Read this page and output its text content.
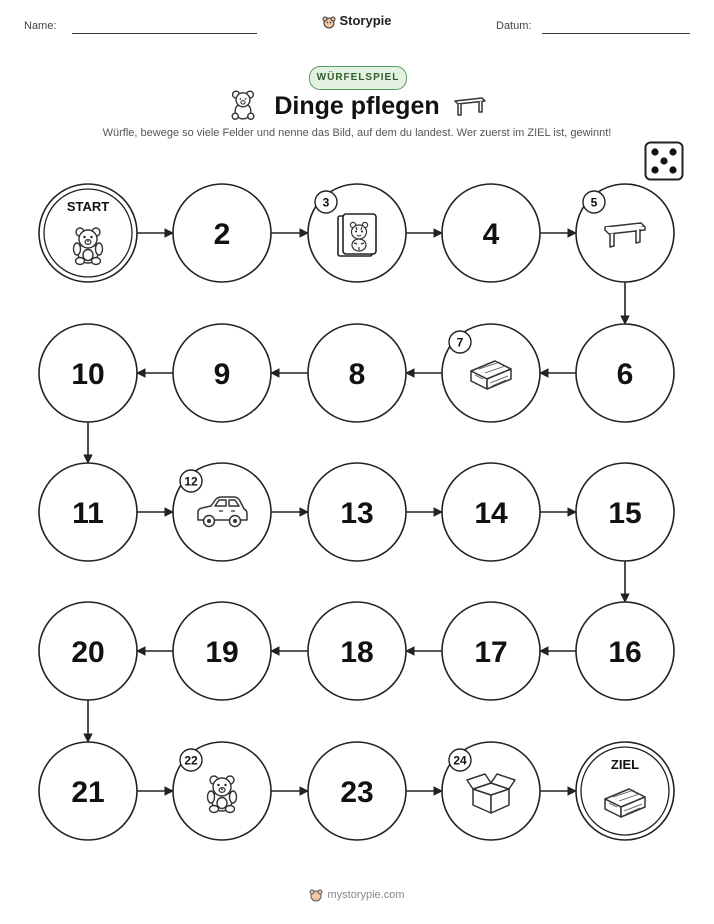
Name:	Storypie	Datum:
WÜRFELSPIEL
Dinge pflegen
Würfle, bewege so viele Felder und nenne das Bild, auf dem du landest. Wer zuerst im ZIEL ist, gewinnt!
START
2
3
4
5
6
7
8
9
10
11
12
13	14	15
16
17
18
19
20
21
22
23
24	ZIEL
mystorypie.com
